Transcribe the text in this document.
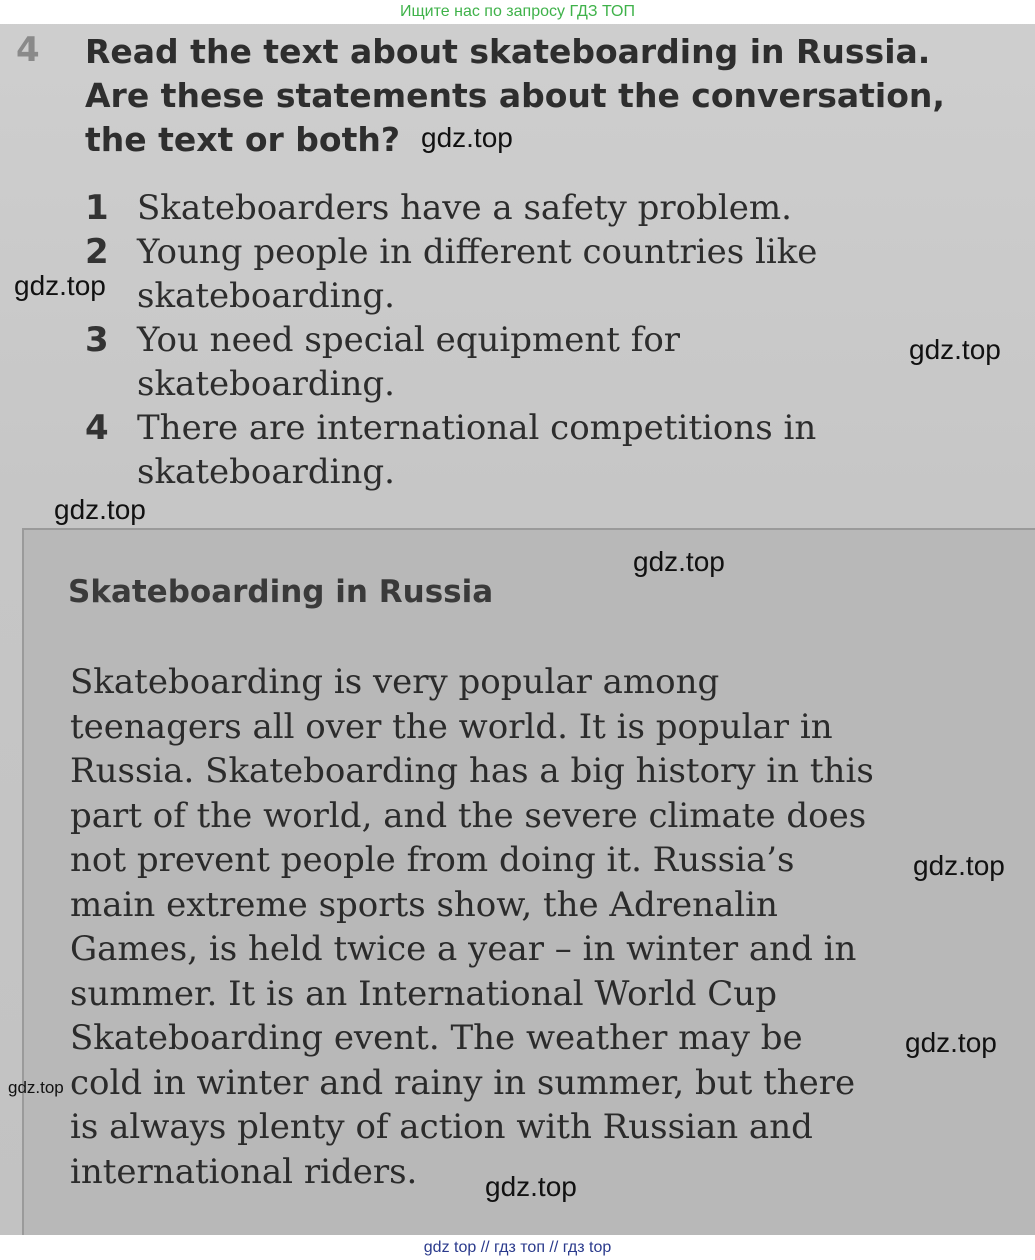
Ищите нас по запросу ГДЗ ТОП
4 Read the text about skateboarding in Russia.
Are these statements about the conversation,
the text or both?
1 Skateboarders have a safety problem.
2 Young people in different countries like
skateboarding.
3 You need special equipment for
skateboarding.
4 There are international competitions in
skateboarding.
Skateboarding in Russia
Skateboarding is very popular among
teenagers all over the world. It is popular in
Russia. Skateboarding has a big history in this
part of the world, and the severe climate does
not prevent people from doing it. Russia’s
main extreme sports show, the Adrenalin
Games, is held twice a year – in winter and in
summer. It is an International World Cup
Skateboarding event. The weather may be
cold in winter and rainy in summer, but there
is always plenty of action with Russian and
international riders.
gdz.top
gdz.top
gdz.top
gdz.top
gdz.top
gdz.top
gdz.top
gdz.top
gdz.top
gdz top // гдз топ // гдз top
